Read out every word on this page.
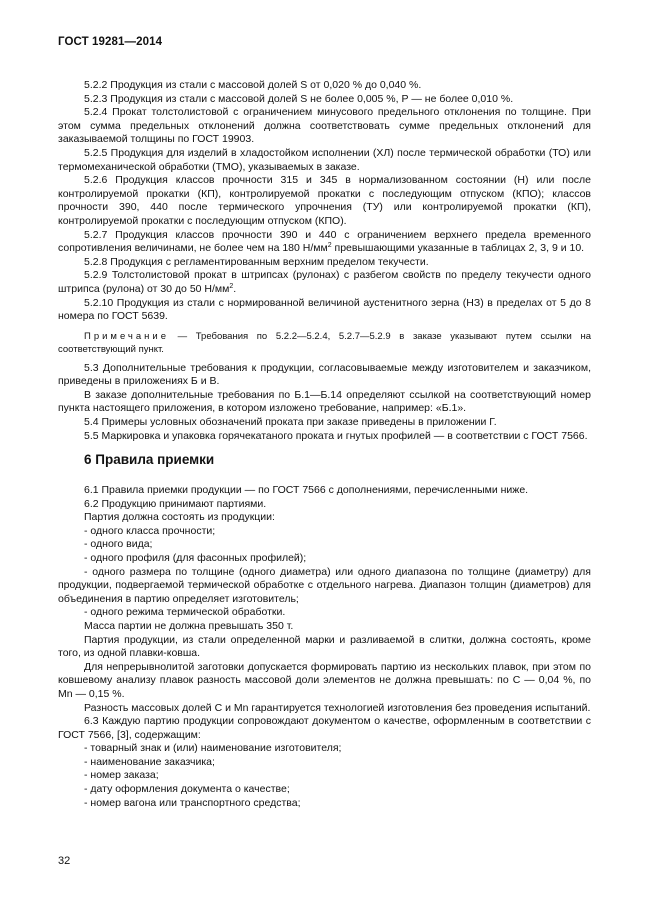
ГОСТ 19281—2014

5.2.2 Продукция из стали с массовой долей S от 0,020 % до 0,040 %.

5.2.3 Продукция из стали с массовой долей S не более 0,005 %, Р — не более 0,010 %.

5.2.4 Прокат толстолистовой с ограничением минусового предельного отклонения по толщине. При этом сумма предельных отклонений должна соответствовать сумме предельных отклонений для заказываемой толщины по ГОСТ 19903.

5.2.5 Продукция для изделий в хладостойком исполнении (ХЛ) после термической обработки (ТО) или термомеханической обработки (ТМО), указываемых в заказе.

5.2.6 Продукция классов прочности 315 и 345 в нормализованном состоянии (Н) или после контролируемой прокатки (КП), контролируемой прокатки с последующим отпуском (КПО); классов прочности 390, 440 после термического упрочнения (ТУ) или контролируемой прокатки (КП), контролируемой прокатки с последующим отпуском (КПО).

5.2.7 Продукция классов прочности 390 и 440 с ограничением верхнего предела временного сопротивления величинами, не более чем на 180 $Н/мм^2$ превышающими указанные в таблицах 2, 3, 9 и 10.

5.2.8 Продукция с регламентированным верхним пределом текучести.

5.2.9 Толстолистовой прокат в штрипсах (рулонах) с разбегом свойств по пределу текучести одного штрипса (рулона) от 30 до 50 $Н/мм^2$.

5.2.10 Продукция из стали с нормированной величиной аустенитного зерна (НЗ) в пределах от 5 до 8 номера по ГОСТ 5639.

Примечание — Требования по 5.2.2—5.2.4, 5.2.7—5.2.9 в заказе указывают путем ссылки на соответствующий пункт.

5.3 Дополнительные требования к продукции, согласовываемые между изготовителем и заказчиком, приведены в приложениях Б и В.

В заказе дополнительные требования по Б.1—Б.14 определяют ссылкой на соответствующий номер пункта настоящего приложения, в котором изложено требование, например: «Б.1».

5.4 Примеры условных обозначений проката при заказе приведены в приложении Г.

5.5 Маркировка и упаковка горячекатаного проката и гнутых профилей — в соответствии с ГОСТ 7566.

6 Правила приемки

6.1 Правила приемки продукции — по ГОСТ 7566 с дополнениями, перечисленными ниже.

6.2 Продукцию принимают партиями.

Партия должна состоять из продукции:

- одного класса прочности;

- одного вида;

- одного профиля (для фасонных профилей);

- одного размера по толщине (одного диаметра) или одного диапазона по толщине (диаметру) для продукции, подвергаемой термической обработке с отдельного нагрева. Диапазон толщин (диаметров) для объединения в партию определяет изготовитель;

- одного режима термической обработки.

Масса партии не должна превышать 350 т.

Партия продукции, из стали определенной марки и разливаемой в слитки, должна состоять, кроме того, из одной плавки-ковша.

Для непрерывнолитой заготовки допускается формировать партию из нескольких плавок, при этом по ковшевому анализу плавок разность массовой доли элементов не должна превышать: по С — 0,04 %, по Mn — 0,15 %.

Разность массовых долей С и Mn гарантируется технологией изготовления без проведения испытаний.

6.3 Каждую партию продукции сопровождают документом о качестве, оформленным в соответствии с ГОСТ 7566, [3], содержащим:

- товарный знак и (или) наименование изготовителя;

- наименование заказчика;

- номер заказа;

- дату оформления документа о качестве;

- номер вагона или транспортного средства;

32
